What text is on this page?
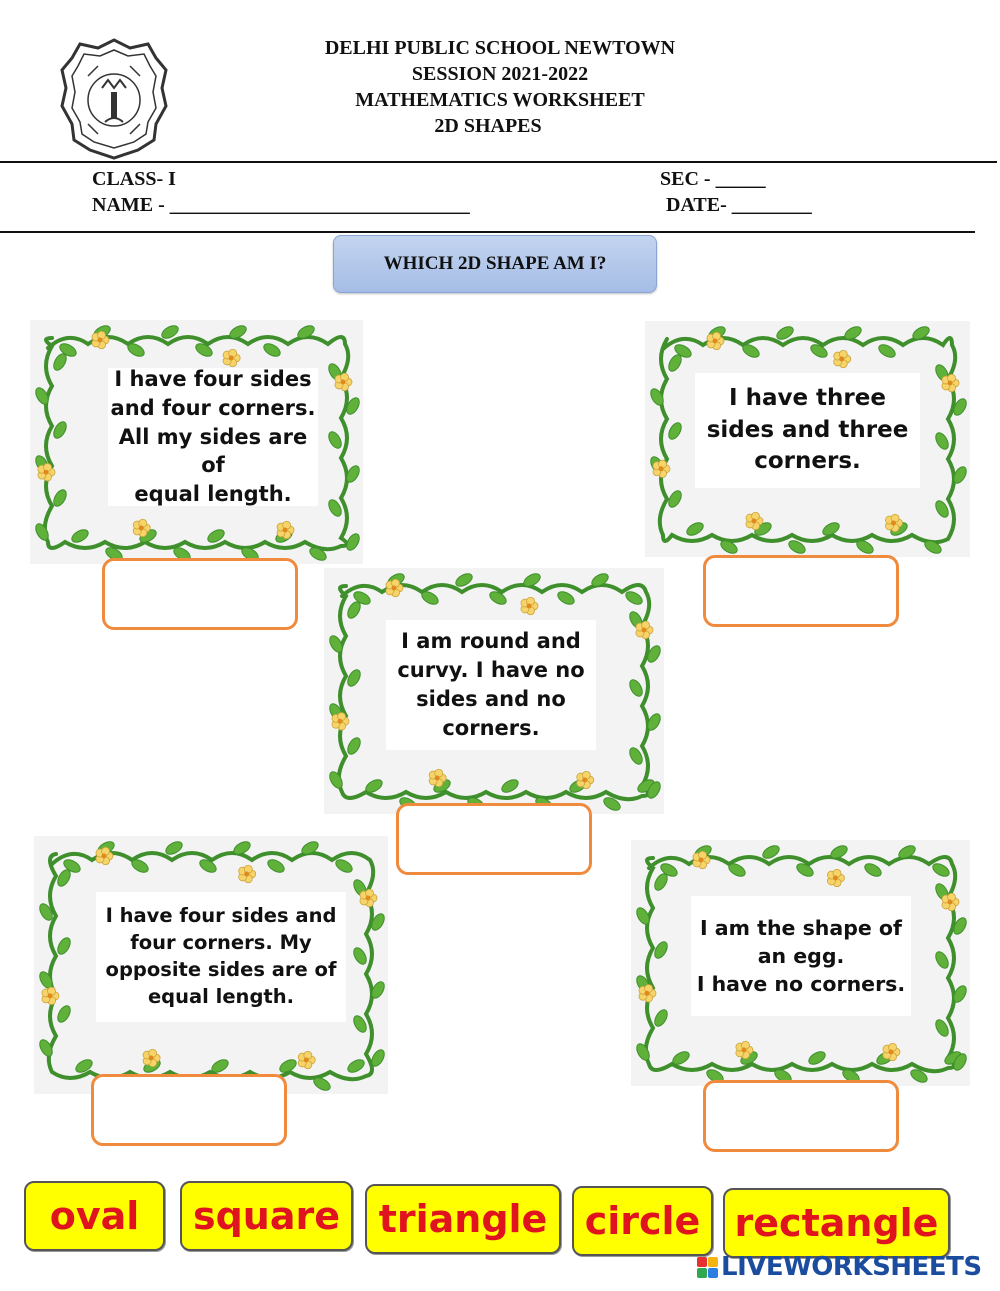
DELHI PUBLIC SCHOOL NEWTOWN
SESSION 2021-2022
MATHEMATICS WORKSHEET
2D SHAPES
CLASS- I	SEC - _____
NAME - ______________________________	DATE- ________
WHICH 2D SHAPE AM I?
I have four sides
and four corners.
All my sides are of
equal length.
I have three
sides and three
corners.
I am round and
curvy. I have no
sides and no
corners.
I have four sides and
four corners. My
opposite sides are of
equal length.
I am the shape of
an egg.
I have no corners.
oval	square	triangle circle rectangle
LIVEWORKSHEETS
